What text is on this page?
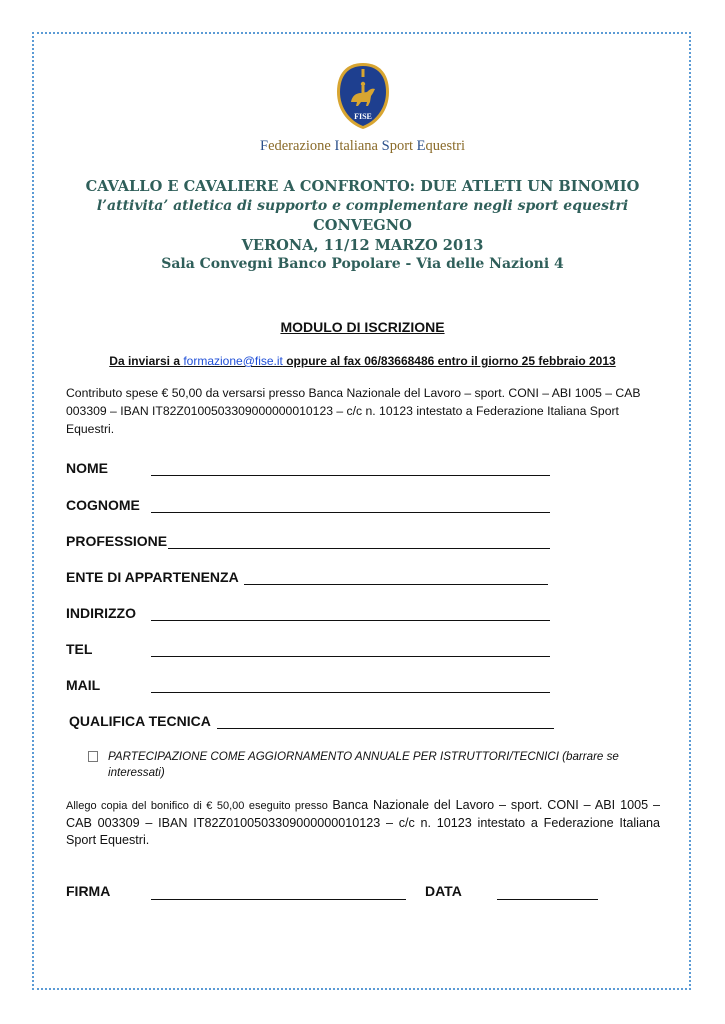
FISE
Federazione Italiana Sport Equestri
CAVALLO E CAVALIERE A CONFRONTO: DUE ATLETI UN BINOMIO
l’attivita’ atletica di supporto e complementare negli sport equestri
CONVEGNO
VERONA, 11/12 MARZO 2013
Sala Convegni Banco Popolare - Via delle Nazioni 4
MODULO DI ISCRIZIONE
Da inviarsi a formazione@fise.it oppure al fax 06/83668486 entro il giorno 25 febbraio 2013
Contributo spese € 50,00 da versarsi presso Banca Nazionale del Lavoro – sport. CONI – ABI 1005 – CAB 003309 – IBAN IT82Z0100503309000000010123 – c/c n. 10123 intestato a Federazione Italiana Sport Equestri.
NOME
COGNOME
PROFESSIONE
ENTE DI APPARTENENZA
INDIRIZZO
TEL
MAIL
QUALIFICA TECNICA
PARTECIPAZIONE COME AGGIORNAMENTO ANNUALE PER ISTRUTTORI/TECNICI (barrare se interessati)
Allego copia del bonifico di € 50,00 eseguito presso Banca Nazionale del Lavoro – sport. CONI – ABI 1005 – CAB 003309 – IBAN IT82Z0100503309000000010123 – c/c n. 10123 intestato a Federazione Italiana Sport Equestri.
FIRMA	DATA
